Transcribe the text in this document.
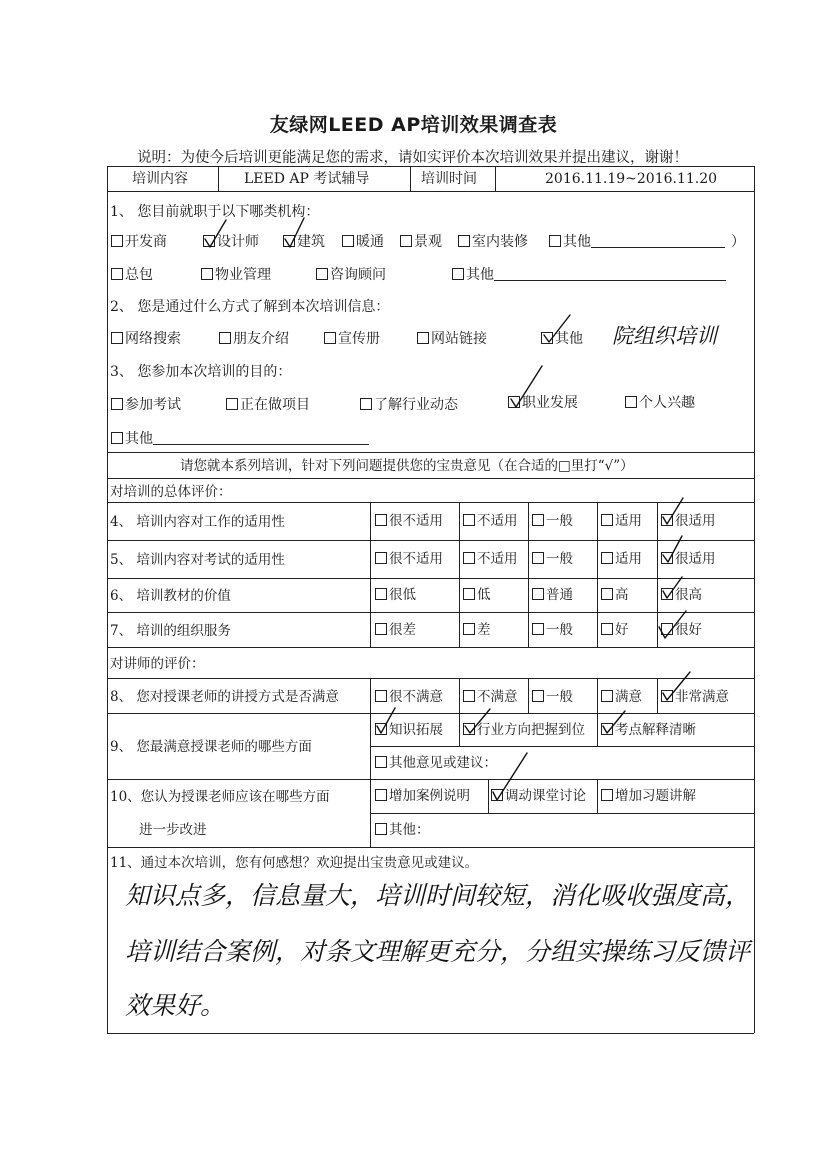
友绿网LEED AP培训效果调查表
说明：为使今后培训更能满足您的需求，请如实评价本次培训效果并提出建议，谢谢！
培训内容	LEED AP 考试辅导	培训时间	2016.11.19~2016.11.20
1、 您目前就职于以下哪类机构：
开发商	设计师	建筑	暖通	景观	室内装修	其他	）
总包	物业管理	咨询顾问	其他
2、 您是通过什么方式了解到本次培训信息：
网络搜索	朋友介绍	宣传册	网站链接	其他 院组织培训
3、 您参加本次培训的目的：
参加考试	正在做项目	了解行业动态	职业发展	个人兴趣
其他
请您就本系列培训，针对下列问题提供您的宝贵意见（在合适的□里打“√”）
对培训的总体评价：
4、 培训内容对工作的适用性	很不适用	不适用	一般	适用	很适用
5、 培训内容对考试的适用性	很不适用	不适用	一般	适用	很适用
6、 培训教材的价值	很低	低	普通	高	很高
7、 培训的组织服务	很差	差	一般	好	很好
对讲师的评价：
8、 您对授课老师的讲授方式是否满意	很不满意	不满意	一般	满意	非常满意
9、 您最满意授课老师的哪些方面
知识拓展	行业方向把握到位	考点解释清晰
其他意见或建议：
10、您认为授课老师应该在哪些方面
进一步改进
增加案例说明	调动课堂讨论	增加习题讲解
其他：
11、通过本次培训，您有何感想？欢迎提出宝贵意见或建议。
知识点多，信息量大，培训时间较短，消化吸收强度高，
培训结合案例，对条文理解更充分，分组实操练习反馈评
效果好。
